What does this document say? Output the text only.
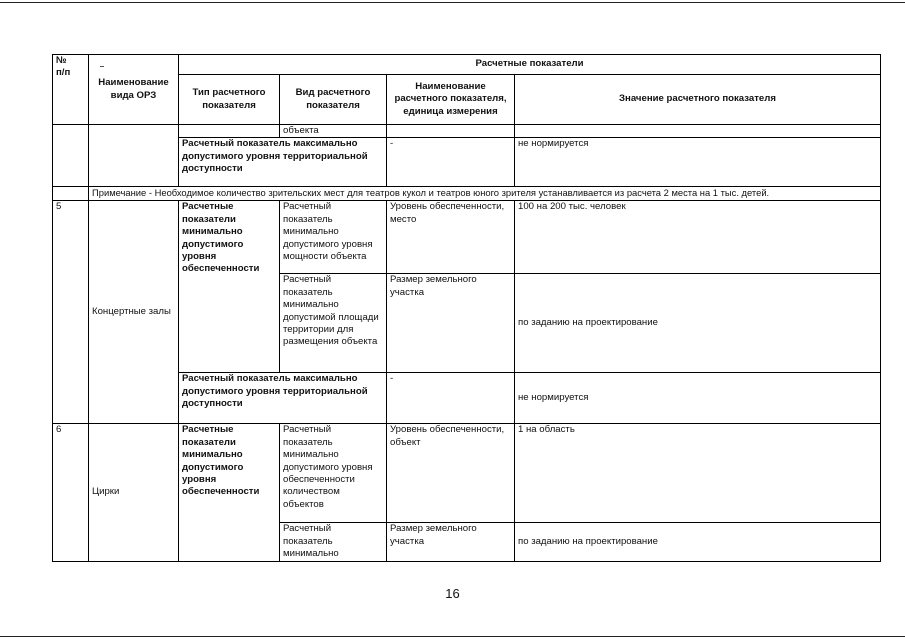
№
п/п	Наименование вида ОРЗ	Расчетные показатели			
		Тип расчетного показателя	Вид расчетного показателя	Наименование расчетного показателя, единица измерения	Значение расчетного показателя
			объекта		
		Расчетный показатель максимально допустимого уровня территориальной доступности		-	не нормируется
	Примечание - Необходимое количество зрительских мест для театров кукол и театров юного зрителя устанавливается из расчета 2 места на 1 тыс. детей.				
5	Концертные залы	Расчетные показатели минимально допустимого уровня обеспеченности	Расчетный показатель минимально допустимого уровня мощности объекта	Уровень обеспеченности, место	100 на 200 тыс. человек
			Расчетный показатель минимально допустимой площади территории для размещения объекта	Размер земельного участка	по заданию на проектирование
		Расчетный показатель максимально допустимого уровня территориальной доступности		-	не нормируется
6	Цирки	Расчетные показатели минимально допустимого уровня обеспеченности	Расчетный показатель минимально допустимого уровня обеспеченности количеством объектов	Уровень обеспеченности, объект	1 на область
			Расчетный показатель минимально	Размер земельного участка	по заданию на проектирование
16
